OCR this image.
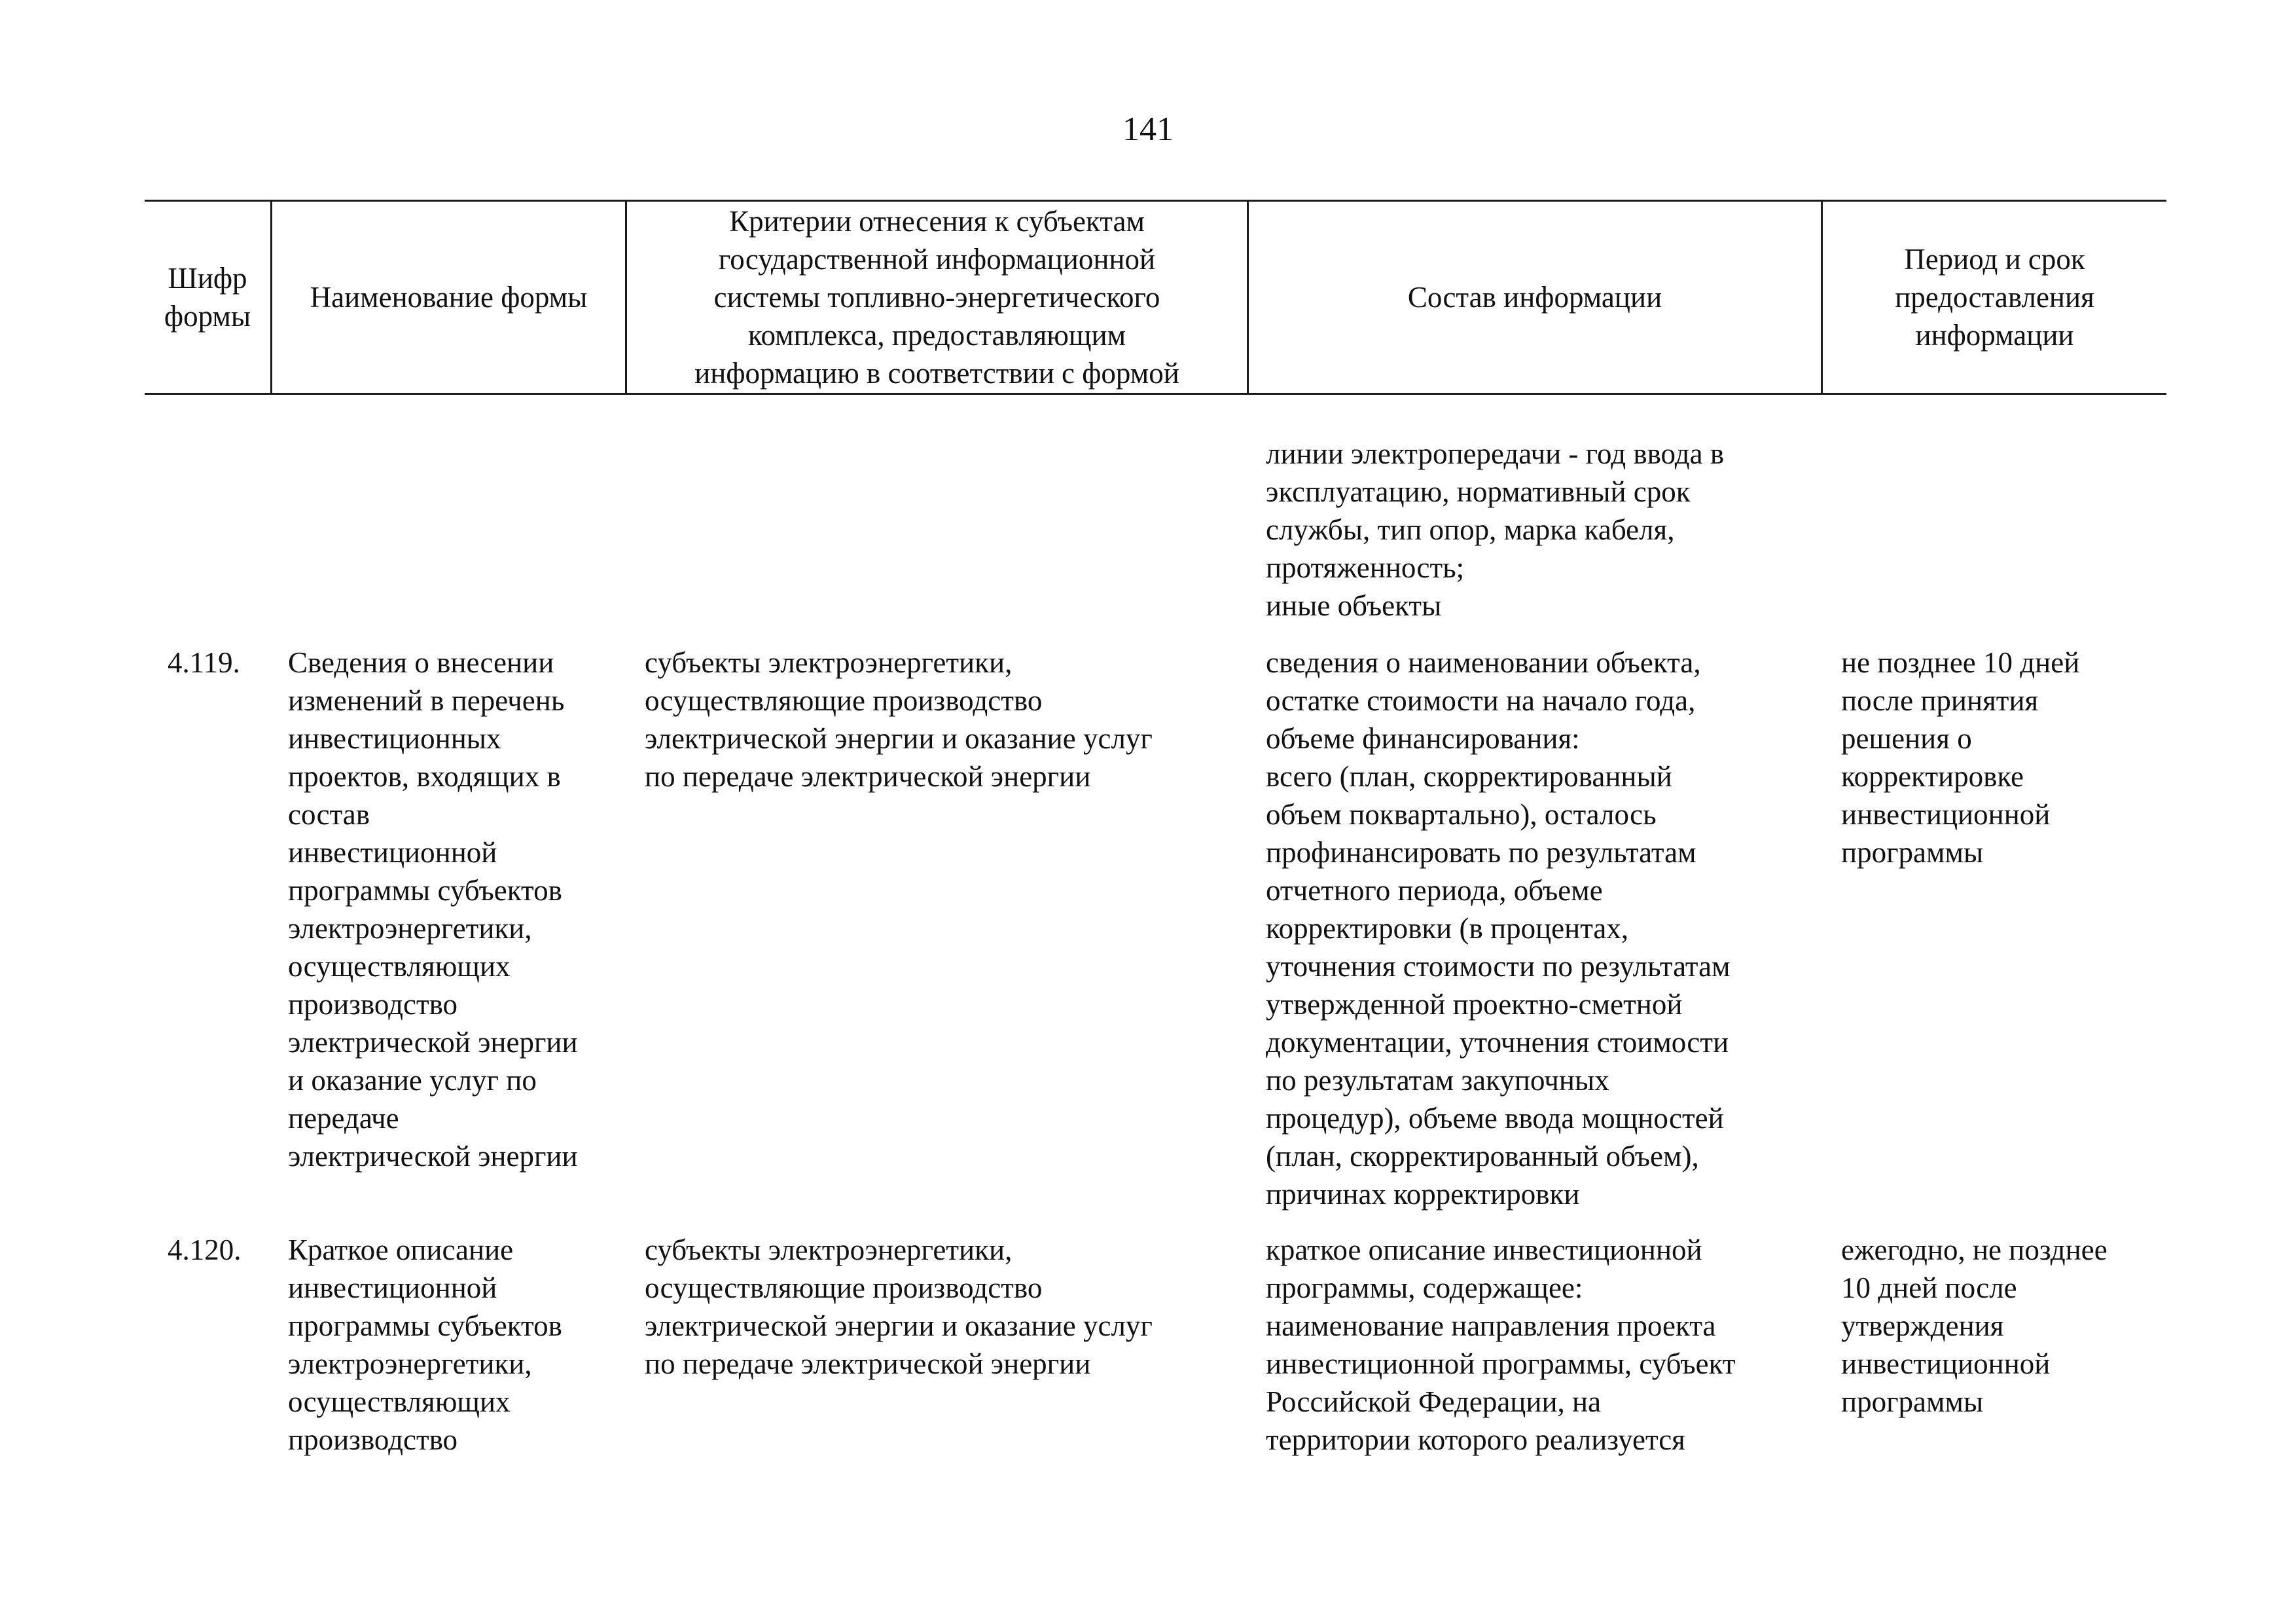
141
Шифр
формы
Наименование формы
Критерии отнесения к субъектам
государственной информационной
системы топливно-энергетического
комплекса, предоставляющим
информацию в соответствии с формой
Состав информации
Период и срок
предоставления
информации
линии электропередачи - год ввода в
эксплуатацию, нормативный срок
службы, тип опор, марка кабеля,
протяженность;
иные объекты
4.119.	Сведения о внесении
изменений в перечень
инвестиционных
проектов, входящих в
состав
инвестиционной
программы субъектов
электроэнергетики,
осуществляющих
производство
электрической энергии
и оказание услуг по
передаче
электрической энергии
субъекты электроэнергетики,
осуществляющие производство
электрической энергии и оказание услуг
по передаче электрической энергии
сведения о наименовании объекта,
остатке стоимости на начало года,
объеме финансирования:
всего (план, скорректированный
объем поквартально), осталось
профинансировать по результатам
отчетного периода, объеме
корректировки (в процентах,
уточнения стоимости по результатам
утвержденной проектно-сметной
документации, уточнения стоимости
по результатам закупочных
процедур), объеме ввода мощностей
(план, скорректированный объем),
причинах корректировки
не позднее 10 дней
после принятия
решения о
корректировке
инвестиционной
программы
4.120.	Краткое описание
инвестиционной
программы субъектов
электроэнергетики,
осуществляющих
производство
субъекты электроэнергетики,
осуществляющие производство
электрической энергии и оказание услуг
по передаче электрической энергии
краткое описание инвестиционной
программы, содержащее:
наименование направления проекта
инвестиционной программы, субъект
Российской Федерации, на
территории которого реализуется
ежегодно, не позднее
10 дней после
утверждения
инвестиционной
программы
